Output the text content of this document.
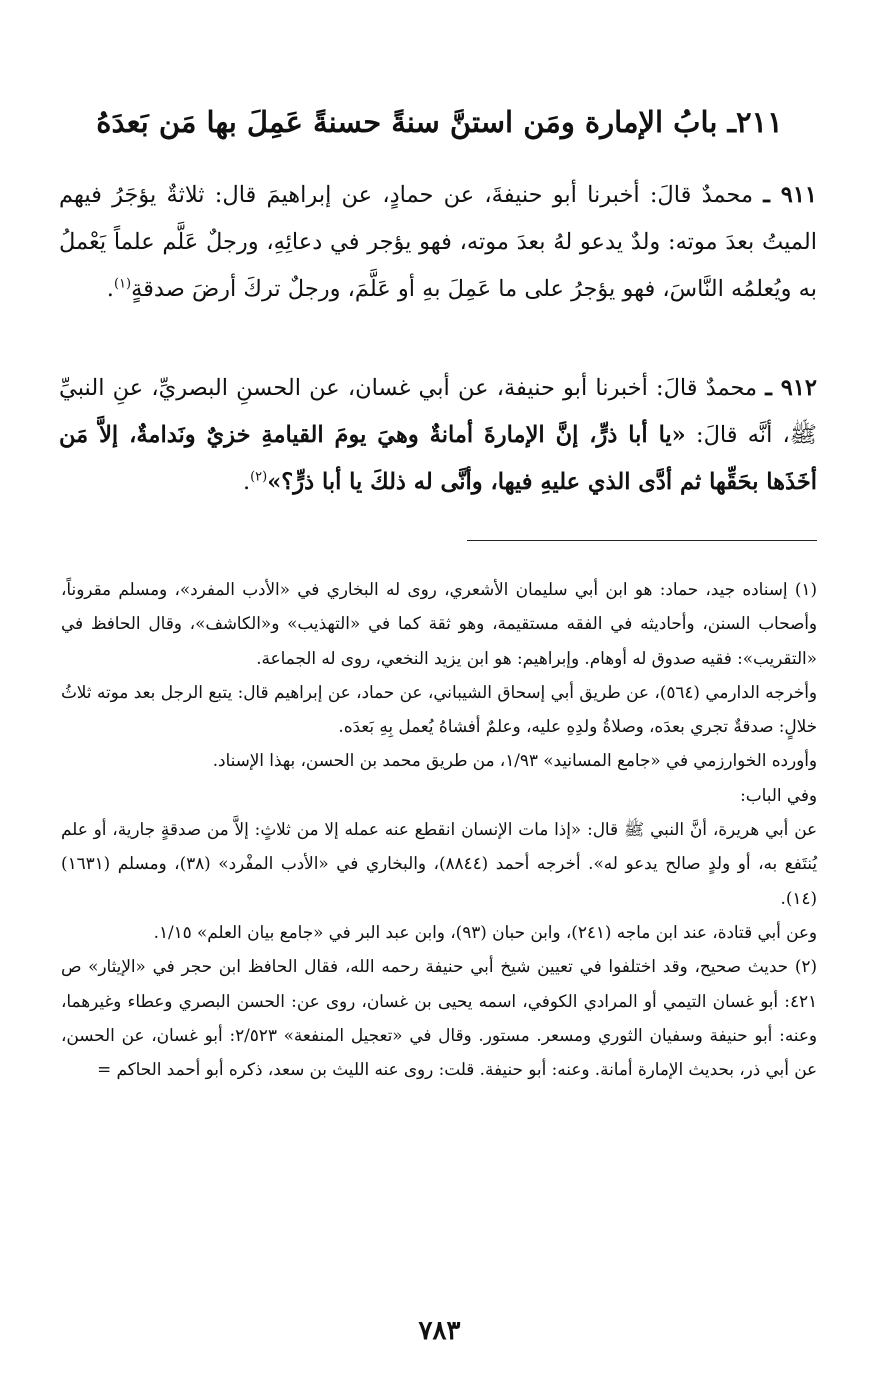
٢١١ـ بابُ الإمارة ومَن استنَّ سنةً حسنةً عَمِلَ بها مَن بَعدَهُ
٩١١ ـ محمدٌ قالَ: أخبرنا أبو حنيفةَ، عن حمادٍ، عن إبراهيمَ قال: ثلاثةٌ يؤجَرُ فيهم الميتُ بعدَ موته: ولدٌ يدعو لهُ بعدَ موته، فهو يؤجر في دعائِهِ، ورجلٌ عَلَّم علماً يَعْملُ به ويُعلمُه النَّاسَ، فهو يؤجرُ على ما عَمِلَ بهِ أو عَلَّمَ، ورجلٌ تركَ أرضَ صدقةٍ$^{(١)}$.
٩١٢ ـ محمدٌ قالَ: أخبرنا أبو حنيفة، عن أبي غسان، عن الحسنِ البصريِّ، عنِ النبيِّ ﷺ، أنَّه قالَ: «يا أبا ذرٍّ، إنَّ الإمارةَ أمانةٌ وهيَ يومَ القيامةِ خزيٌ ونَدامةٌ، إلاَّ مَن أخَذَها بحَقِّها ثم أدَّى الذي عليهِ فيها، وأنَّى له ذلكَ يا أبا ذرٍّ؟»$^{(٢)}$.

(١) إسناده جيد، حماد: هو ابن أبي سليمان الأشعري، روى له البخاري في «الأدب المفرد»، ومسلم مقروناً، وأصحاب السنن، وأحاديثه في الفقه مستقيمة، وهو ثقة كما في «التهذيب» و«الكاشف»، وقال الحافظ في «التقريب»: فقيه صدوق له أوهام. وإبراهيم: هو ابن يزيد النخعي، روى له الجماعة.

وأخرجه الدارمي (٥٦٤)، عن طريق أبي إسحاق الشيباني، عن حماد، عن إبراهيم قال: يتبع الرجل بعد موته ثلاثُ خلالٍ: صدقةٌ تجري بعدَه، وصلاةُ ولدِهِ عليه، وعلمٌ أفشاهُ يُعمل بِهِ بَعدَه.

وأورده الخوارزمي في «جامع المسانيد» ١/٩٣، من طريق محمد بن الحسن، بهذا الإسناد.

وفي الباب:

عن أبي هريرة، أنَّ النبي ﷺ قال: «إذا مات الإنسان انقطع عنه عمله إلا من ثلاثٍ: إلاَّ من صدقةٍ جارية، أو علم يُنتَفع به، أو ولدٍ صالح يدعو له». أخرجه أحمد (٨٨٤٤)، والبخاري في «الأدب المفْرد» (٣٨)، ومسلم (١٦٣١) (١٤).

وعن أبي قتادة، عند ابن ماجه (٢٤١)، وابن حبان (٩٣)، وابن عبد البر في «جامع بيان العلم» ١/١٥.

(٢) حديث صحيح، وقد اختلفوا في تعيين شيخ أبي حنيفة رحمه الله، فقال الحافظ ابن حجر في «الإيثار» ص ٤٢١: أبو غسان التيمي أو المرادي الكوفي، اسمه يحيى بن غسان، روى عن: الحسن البصري وعطاء وغيرهما، وعنه: أبو حنيفة وسفيان الثوري ومسعر. مستور. وقال في «تعجيل المنفعة» ٢/٥٢٣: أبو غسان، عن الحسن، عن أبي ذر، بحديث الإمارة أمانة. وعنه: أبو حنيفة. قلت: روى عنه الليث بن سعد، ذكره أبو أحمد الحاكم =

٧٨٣
